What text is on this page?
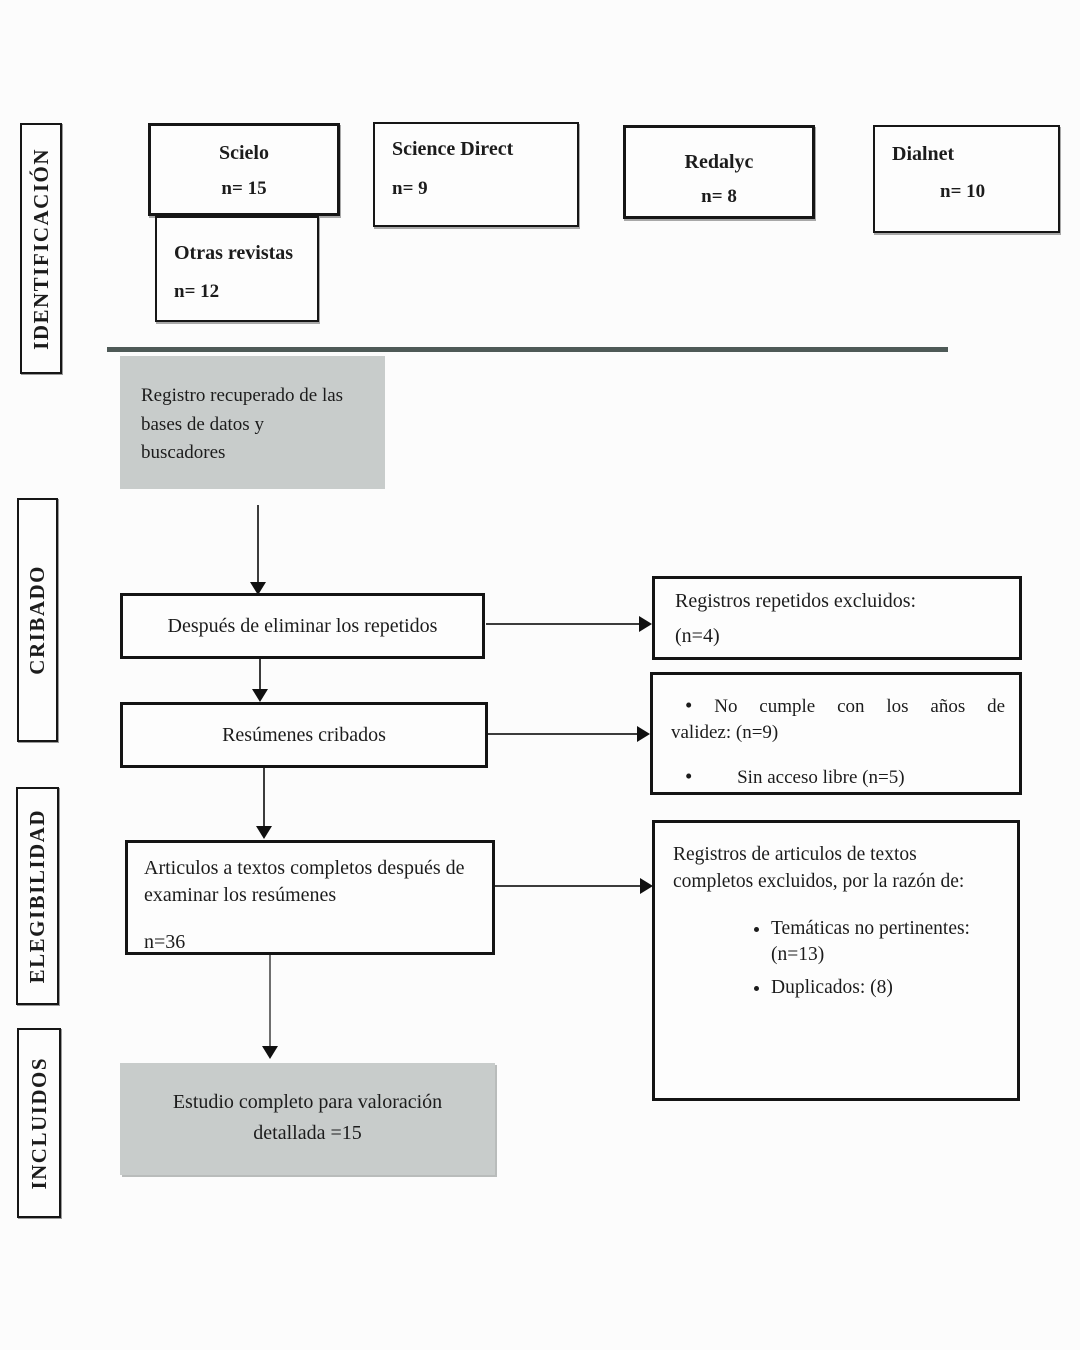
IDENTIFICACIÓN
CRIBADO
ELEGIBILIDAD
INCLUIDOS
Scielo
n= 15
Science Direct
n= 9
Redalyc
n= 8
Dialnet
n= 10
Otras revistas
n= 12
Registro recuperado de las
bases de datos y
buscadores
Después de eliminar los repetidos
Registros repetidos excluidos:
(n=4)
Resúmenes cribados
• No cumple con los años de
validez: (n=9)
• Sin acceso libre (n=5)
Articulos a textos completos después de
examinar los resúmenes
n=36
Registros de articulos de textos
completos excluidos, por la razón de:
• Temáticas no pertinentes:
(n=13)
• Duplicados: (8)
Estudio completo para valoración
detallada =15
